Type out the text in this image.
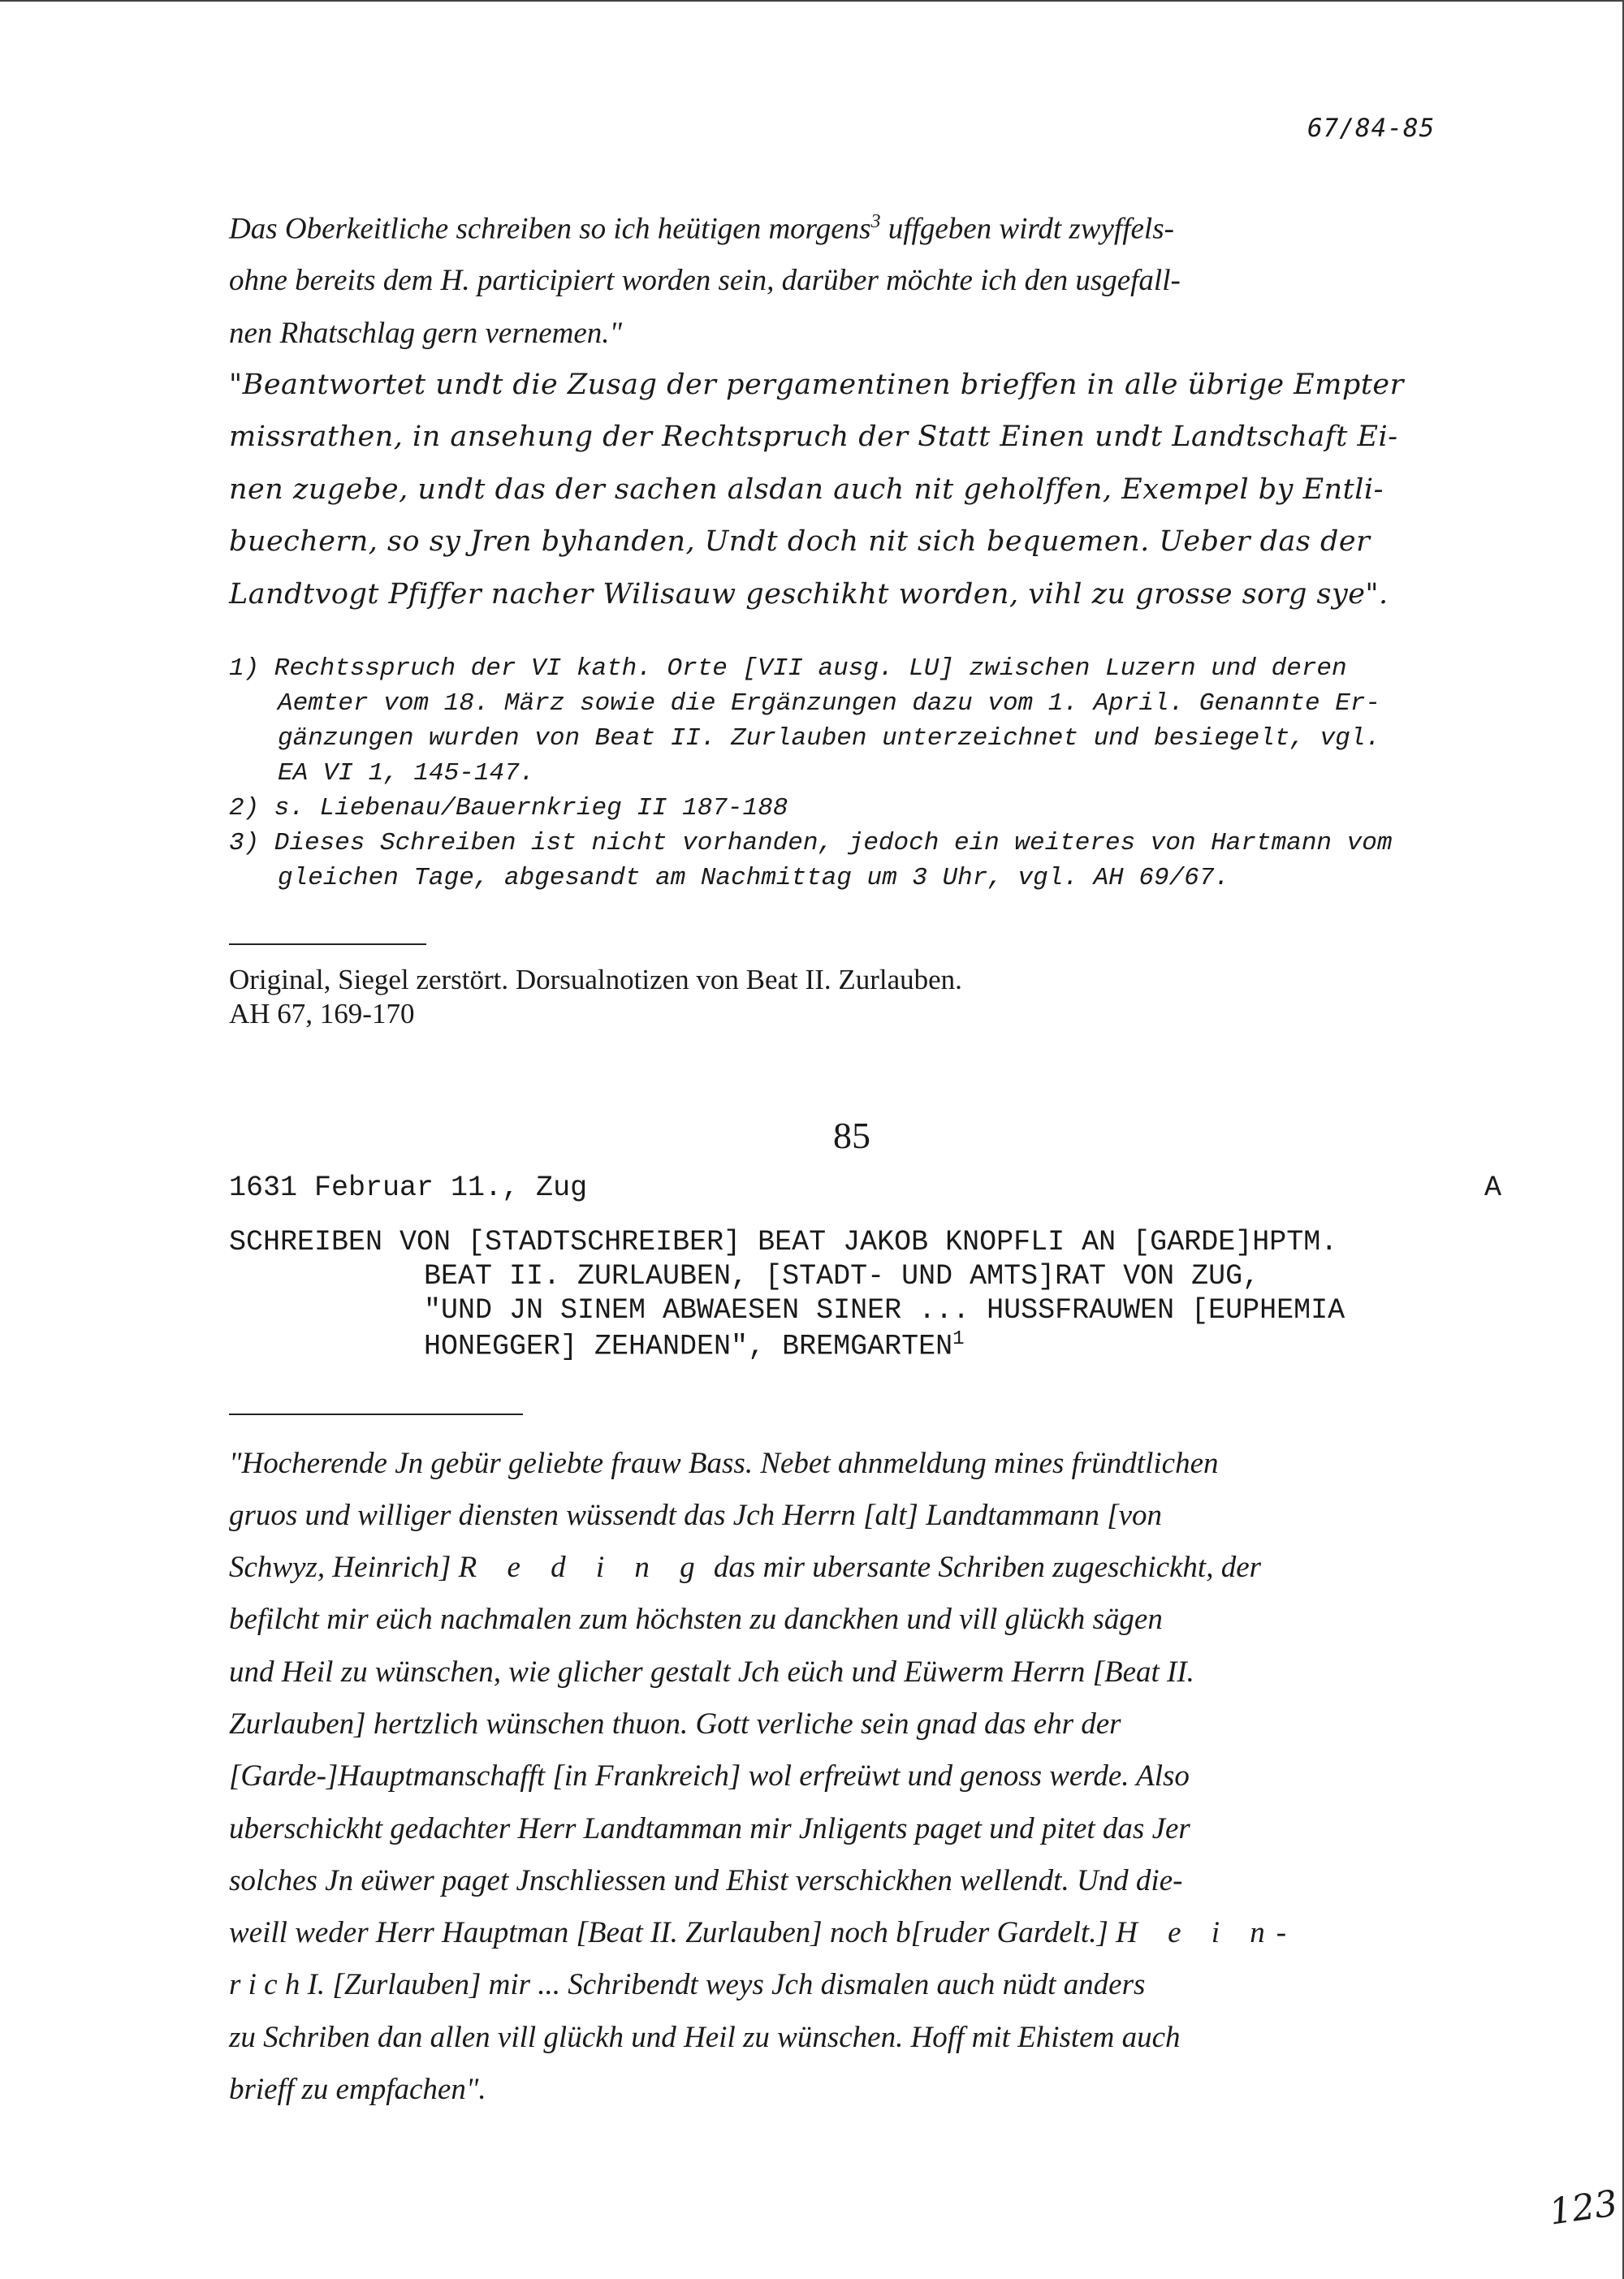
67/84-85
Das Oberkeitliche schreiben so ich heütigen morgens$^3$ uffgeben wirdt zwyffels-
ohne bereits dem H. participiert worden sein, darüber möchte ich den usgefall-
nen Rhatschlag gern vernemen."
"Beantwortet undt die Zusag der pergamentinen brieffen in alle übrige Empter
missrathen, in ansehung der Rechtspruch der Statt Einen undt Landtschaft Ei-
nen zugebe, undt das der sachen alsdan auch nit geholffen, Exempel by Entli-
buechern, so sy Jren byhanden, Undt doch nit sich bequemen. Ueber das der
Landtvogt Pfiffer nacher Wilisauw geschikht worden, vihl zu grosse sorg sye".
1) Rechtsspruch der VI kath. Orte [VII ausg. LU] zwischen Luzern und deren
Aemter vom 18. März sowie die Ergänzungen dazu vom 1. April. Genannte Er-
gänzungen wurden von Beat II. Zurlauben unterzeichnet und besiegelt, vgl.
EA VI 1, 145-147.
2) s. Liebenau/Bauernkrieg II 187-188
3) Dieses Schreiben ist nicht vorhanden, jedoch ein weiteres von Hartmann vom
gleichen Tage, abgesandt am Nachmittag um 3 Uhr, vgl. AH 69/67.
Original, Siegel zerstört. Dorsualnotizen von Beat II. Zurlauben.
AH 67, 169-170
85
1631 Februar 11., Zug	A
SCHREIBEN VON [STADTSCHREIBER] BEAT JAKOB KNOPFLI AN [GARDE]HPTM.
BEAT II. ZURLAUBEN, [STADT- UND AMTS]RAT VON ZUG,
"UND JN SINEM ABWAESEN SINER ... HUSSFRAUWEN [EUPHEMIA
HONEGGER] ZEHANDEN", BREMGARTEN$^1$
"Hocherende Jn gebür geliebte frauw Bass. Nebet ahnmeldung mines fründtlichen
gruos und williger diensten wüssendt das Jch Herrn [alt] Landtammann [von
Schwyz, Heinrich] R e d i n g das mir ubersante Schriben zugeschickht, der
befilcht mir eüch nachmalen zum höchsten zu danckhen und vill glückh sägen
und Heil zu wünschen, wie glicher gestalt Jch eüch und Eüwerm Herrn [Beat II.
Zurlauben] hertzlich wünschen thuon. Gott verliche sein gnad das ehr der
[Garde-]Hauptmanschafft [in Frankreich] wol erfreüwt und genoss werde. Also
uberschickht gedachter Herr Landtamman mir Jnligents paget und pitet das Jer
solches Jn eüwer paget Jnschliessen und Ehist verschickhen wellendt. Und die-
weill weder Herr Hauptman [Beat II. Zurlauben] noch b[ruder Gardelt.] H e i n-
r i c h I. [Zurlauben] mir ... Schribendt weys Jch dismalen auch nüdt anders
zu Schriben dan allen vill glückh und Heil zu wünschen. Hoff mit Ehistem auch
brieff zu empfachen".
123
